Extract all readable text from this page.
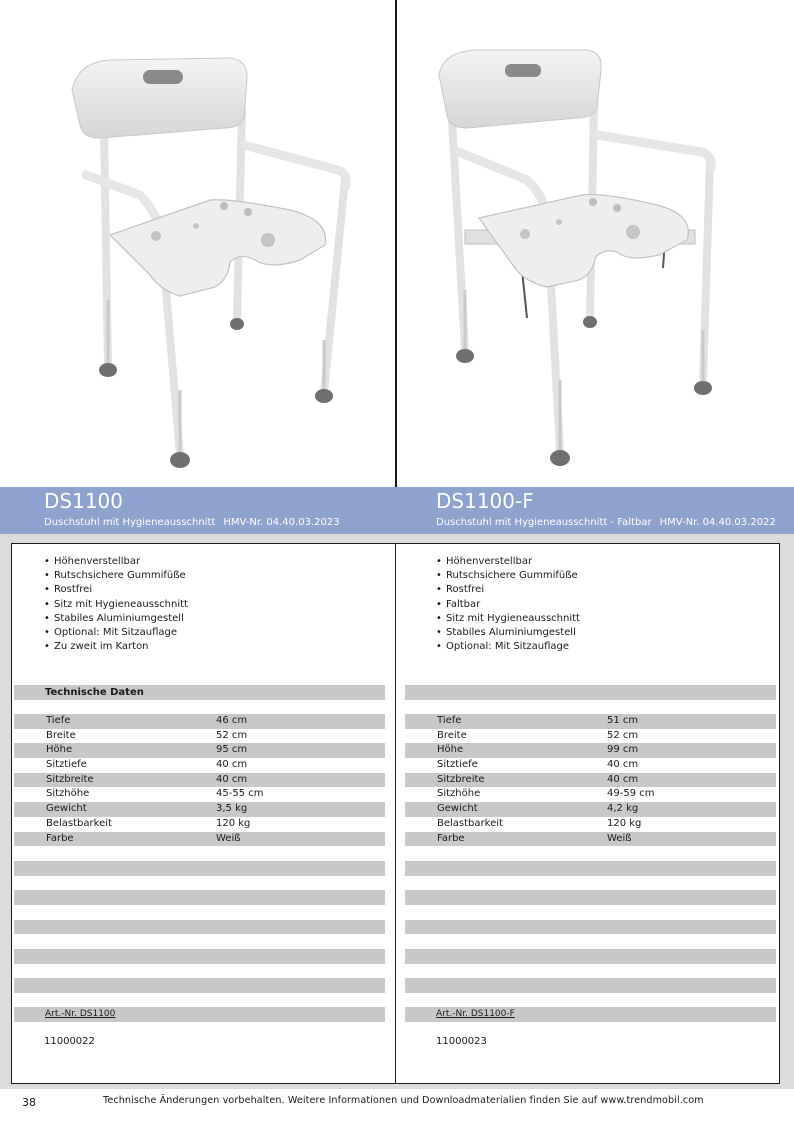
DS1100
Duschstuhl mit Hygieneausschnitt HMV-Nr. 04.40.03.2023
DS1100-F
Duschstuhl mit Hygieneausschnitt - Faltbar HMV-Nr. 04.40.03.2022
• Höhenverstellbar
• Rutschsichere Gummifüße
• Rostfrei
• Sitz mit Hygieneausschnitt
• Stabiles Aluminiumgestell
• Optional: Mit Sitzauflage
• Zu zweit im Karton
Technische Daten
Tiefe	46 cm
Breite	52 cm
Höhe	95 cm
Sitztiefe	40 cm
Sitzbreite	40 cm
Sitzhöhe	45-55 cm
Gewicht	3,5 kg
Belastbarkeit	120 kg
Farbe	Weiß
Art.-Nr. DS1100
11000022
• Höhenverstellbar
• Rutschsichere Gummifüße
• Rostfrei
• Faltbar
• Sitz mit Hygieneausschnitt
• Stabiles Aluminiumgestell
• Optional: Mit Sitzauflage
Tiefe	51 cm
Breite	52 cm
Höhe	99 cm
Sitztiefe	40 cm
Sitzbreite	40 cm
Sitzhöhe	49-59 cm
Gewicht	4,2 kg
Belastbarkeit	120 kg
Farbe	Weiß
Art.-Nr. DS1100-F
11000023
38	Technische Änderungen vorbehalten. Weitere Informationen und Downloadmaterialien finden Sie auf www.trendmobil.com
